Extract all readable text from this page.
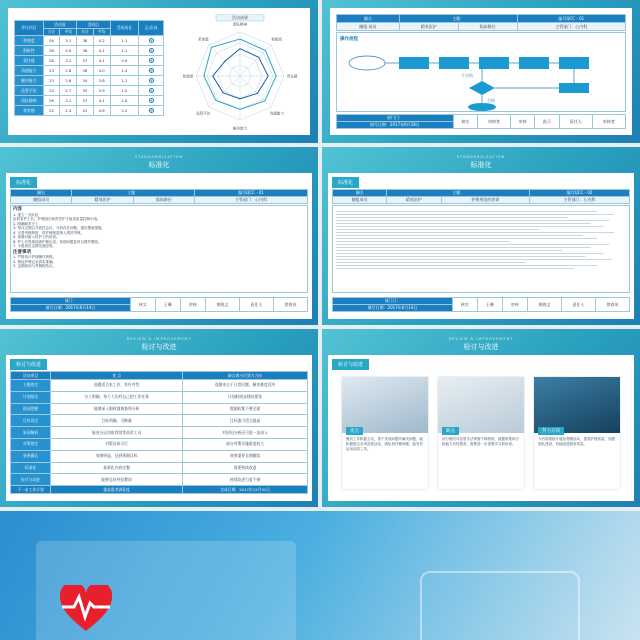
评比项目	活动前		活动后		活动成长	正/负向
	合计	平均	合计	平均		
和谐度	26	3.1	38	4.2	1.1	+
积极性	26	3.0	38	4.1	1.1	+
责任感	28	3.2	37	4.1	0.9	+
沟通能力	23	2.8	36	4.0	1.4	+
解决能力	23	2.6	34	3.8	1.2	+
品管手法	24	2.7	35	3.9	1.2	+
团队精神	26	3.1	37	4.1	1.0	+
荣誉感	22	2.4	41	4.6	2.2	+
活动成果
团队精神
积极性
责任感
沟通能力
解决能力
品管手法
和谐度
荣誉感
圈名	主题：		编号QCC－01
圈组 成员	精英医护	临床路径	主管部门：心内科
操作流程
不合格
合格
部门门：	核实	审核者	审核	批示	责任人	审核者
填写日期：2017年6月28日
STANDARDIZATION
标准化
标准化
圈名	主题：		编号QCC－01
圈组成员	精英医护	临床路径	主管部门：心内科
内容
1. 建立一支队伍
由科室护士长、护理组长和责任护士组成质量控制小组。
2. 明确职责分工
3. 每月定期召开质控会议，分析存在问题，提出整改措施。
4. 完善考核制度，将护理规范纳入绩效考核。
5. 加强对新入科护士的培训。
6. 护士长每周抽查护理记录，发现问题及时反馈并整改。
7. 小组成员定期交流经验。
注意事项
1. 严格执行护理操作规程。
2. 保证护理记录真实准确。
3. 定期培训与考核相结合。
部门：	核实	王琳	审核	黄晓文	责任人	徐春英
填写日期：2017年6月14日
STANDARDIZATION
标准化
标准化
圈名	主题：		编号QCC－02
圈组成员	精英医护	护理规范的培训	主管部门：心内科
部门门：	核实	王琳	审核	黄晓文	责任人	徐春英
填写日期：2017年6月14日
REVIEW & IMPROVEMENT
检讨与改进
检讨与改进
活动项目	优 点	缺点或今后努力方向
主题选定	选题适合本工作，有针对性	选题来自于日常问题，解决难度适中
计划拟定	分工明确，每个人均有自己的工作任务	计划时间安排较紧张
现况把握	能够深入细致地调查和分析	数据收集不够全面
目标设定	目标明确，可衡量	目标值可适当提高
原因解析	能充分运用鱼骨图等品管工具	对原因分析还可进一步深入
对策拟定	对策具体可行	部分对策实施难度较大
效果确认	效果明显，达到预期目标	效果需要长期跟踪
标准化	标准化内容完整	需要持续改进
检讨与改进	能够总结经验教训	持续改进力度不够
下一步工作计划	提高患者满意度	完成日期　 2017年12月31日
REVIEW & IMPROVEMENT
检讨与改进
检讨与改进
优点
圈员工作积极主动，善于发现问题并解决问题，能积极配合各项品管活动，团队协作精神强，能有效运用品管工具。
缺点
部分圈员对品管手法掌握不够熟练，数据收集和分析能力有待提高，需要进一步加强学习和培训。
努力方向
今后将继续开展品管圈活动，提高护理质量，加强团队建设，持续改进服务质量。
